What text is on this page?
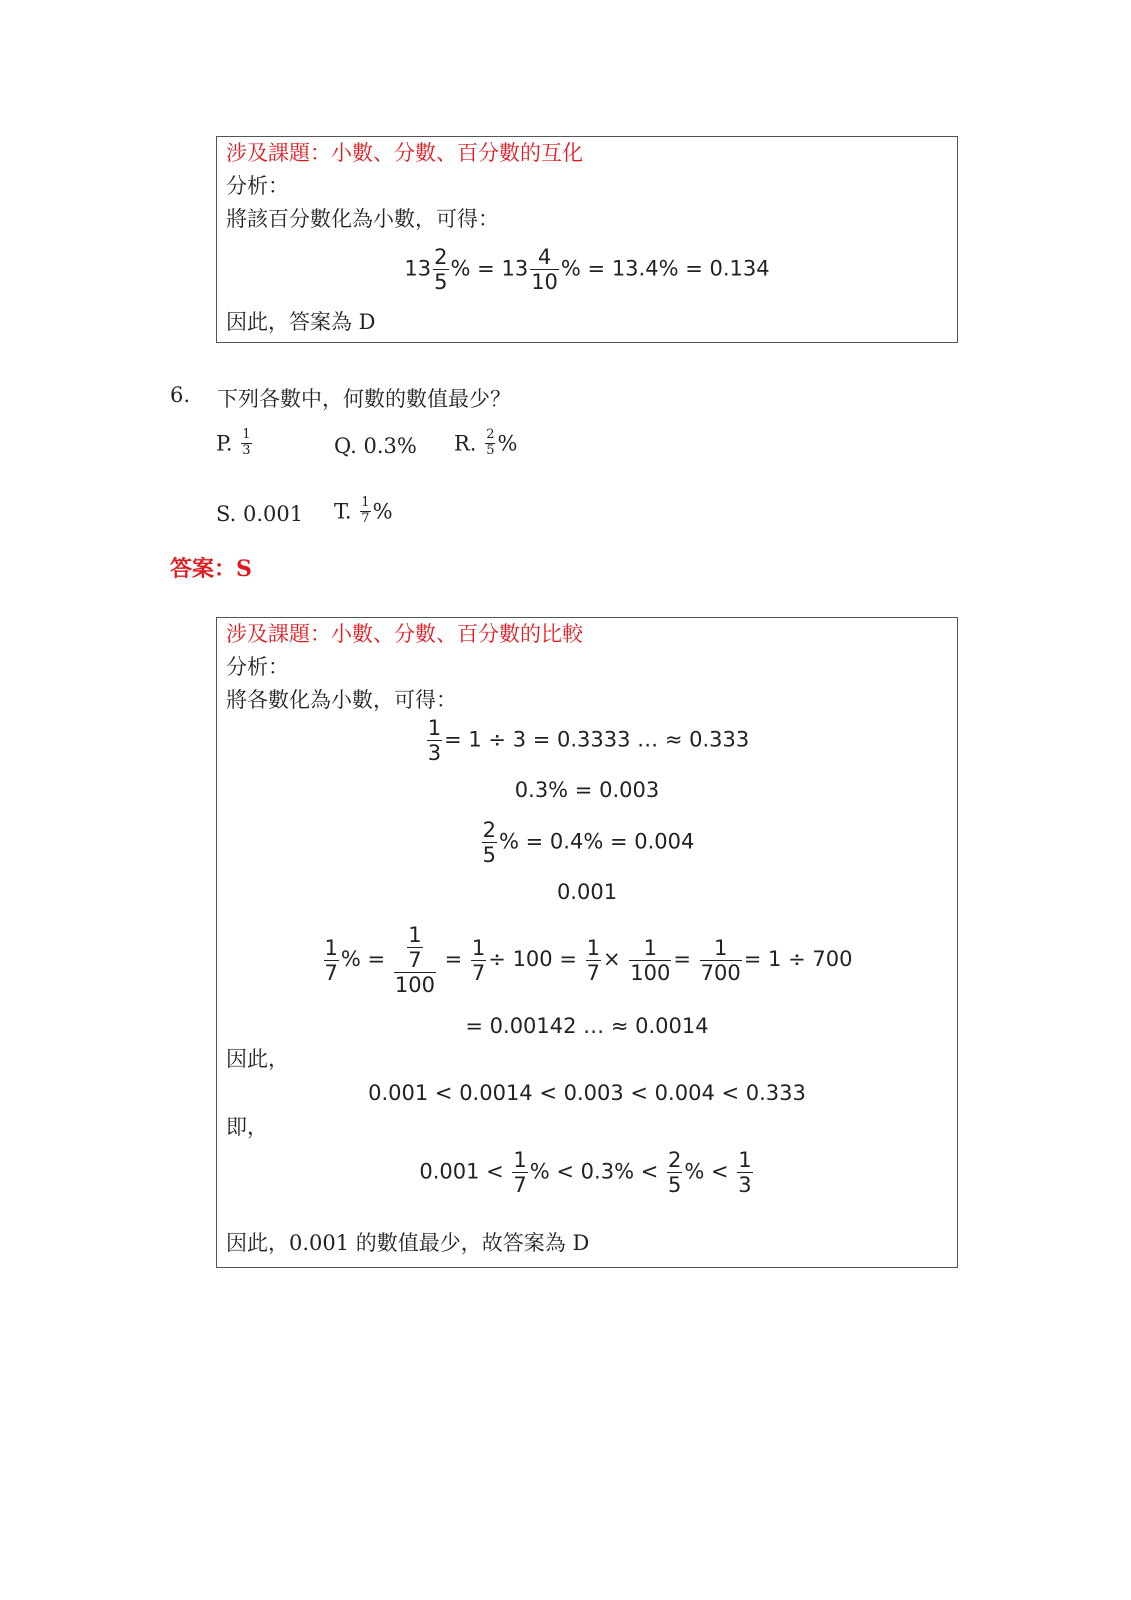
涉及課題：小數、分數、百分數的互化
分析：
將該百分數化為小數，可得：
$13 \frac{2}{5}$ % = $13 \frac{4}{10}$ % = 13.4% = 0.134
因此，答案為 D
6. 下列各數中，何數的數值最少？
P. $\frac{1}{3}$	Q. 0.3% R. $\frac{2}{5}$ %
S. 0.001 T. $\frac{1}{7}$ %
答案：S
涉及課題：小數、分數、百分數的比較
分析：
將各數化為小數，可得：
$\frac{1}{3} = 1 \div 3 = 0.3333$ … ≈ 0.333
0.3% = 0.003
$\frac{2}{5}$ % = 0.4% = 0.004
0.001
$\frac{1}{7}$ % = $\frac{\frac{1}{7}}{100} = \frac{1}{7} \div 100 = \frac{1}{7} \times \frac{1}{100} = \frac{1}{700} = 1 \div 700$
= 0.00142 … ≈ 0.0014
因此，
0.001 < 0.0014 < 0.003 < 0.004 < 0.333
即，
$0.001 < \frac{1}{7}$ % < $0.3\% < \frac{2}{5}$ % < $\frac{1}{3}$
因此，0.001 的數值最少，故答案為 D
